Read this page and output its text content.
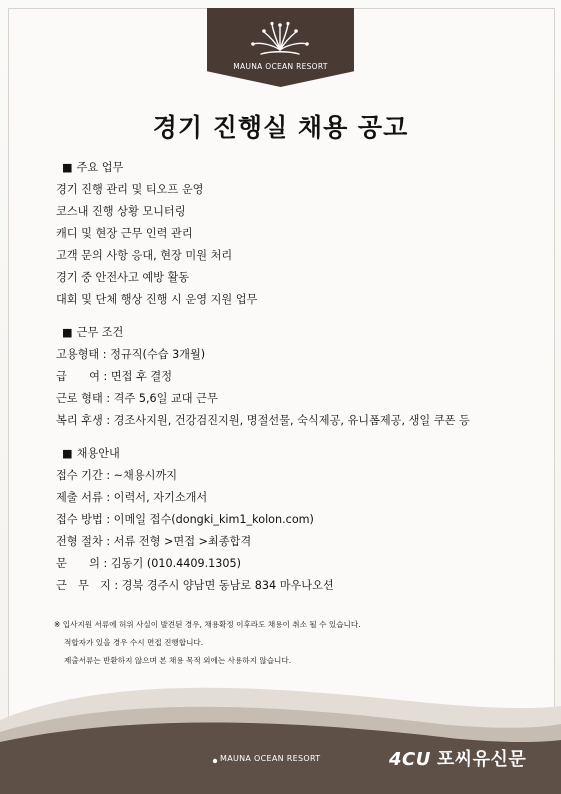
MAUNA OCEAN RESORT
경기 진행실 채용 공고
■ 주요 업무
경기 진행 관리 및 티오프 운영
코스내 진행 상황 모니터링
캐디 및 현장 근무 인력 관리
고객 문의 사항 응대, 현장 미원 처리
경기 중 안전사고 예방 활동
대회 및 단체 행상 진행 시 운영 지원 업무
■ 근무 조건
고용형태 : 정규직(수습 3개월)
급　　여 : 면접 후 결정
근로 형태 : 격주 5,6일 교대 근무
복리 후생 : 경조사지원, 건강검진지원, 명절선물, 숙식제공, 유니폼제공, 생일 쿠폰 등
■ 채용안내
접수 기간 : ~채용시까지
제출 서류 : 이력서, 자기소개서
접수 방법 : 이메일 접수(dongki_kim1_kolon.com)
전형 절차 : 서류 전형 >면접 >최종합격
문　　의 : 김동기 (010.4409.1305)
근　무　지 : 경북 경주시 양남면 동남로 834 마우나오션
※ 입사지원 서류에 허위 사실이 발견된 경우, 채용확정 이후라도 채용이 취소 될 수 있습니다.
적합자가 있을 경우 수시 면접 진행합니다.
제출서류는 반환하지 않으며 본 채용 목적 외에는 사용하지 않습니다.
MAUNA OCEAN RESORT	4CU 포씨유신문
